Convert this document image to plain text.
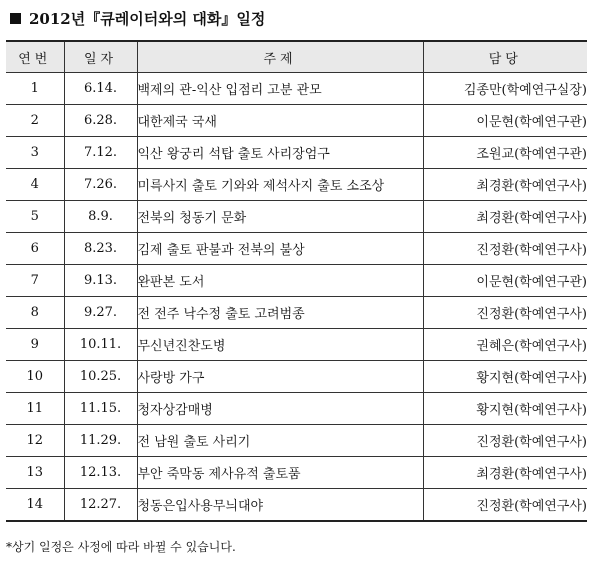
2012년『큐레이터와의 대화』일정
연번	일자	주제	담당
1	6.14.	백제의 관-익산 입점리 고분 관모	김종만(학예연구실장)
2	6.28.	대한제국 국새	이문현(학예연구관)
3	7.12.	익산 왕궁리 석탑 출토 사리장엄구	조원교(학예연구관)
4	7.26.	미륵사지 출토 기와와 제석사지 출토 소조상	최경환(학예연구사)
5	8.9.	전북의 청동기 문화	최경환(학예연구사)
6	8.23.	김제 출토 판불과 전북의 불상	진정환(학예연구사)
7	9.13.	완판본 도서	이문현(학예연구관)
8	9.27.	전 전주 낙수정 출토 고려범종	진정환(학예연구사)
9	10.11.	무신년진찬도병	권혜은(학예연구사)
10	10.25.	사랑방 가구	황지현(학예연구사)
11	11.15.	청자상감매병	황지현(학예연구사)
12	11.29.	전 남원 출토 사리기	진정환(학예연구사)
13	12.13.	부안 죽막동 제사유적 출토품	최경환(학예연구사)
14	12.27.	청동은입사용무늬대야	진정환(학예연구사)
*상기 일정은 사정에 따라 바뀔 수 있습니다.
